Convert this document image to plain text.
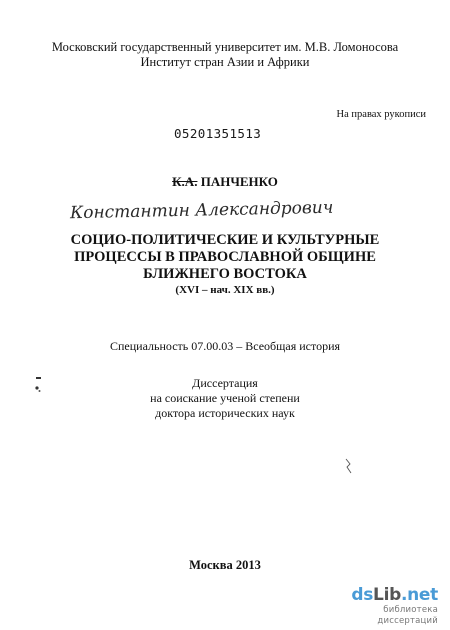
Московский государственный университет им. М.В. Ломоносова
Институт стран Азии и Африки
На правах рукописи
05201351513
К.А. ПАНЧЕНКО
Константин Александрович
СОЦИО-ПОЛИТИЧЕСКИЕ И КУЛЬТУРНЫЕ
ПРОЦЕССЫ В ПРАВОСЛАВНОЙ ОБЩИНЕ
БЛИЖНЕГО ВОСТОКА
(XVI – нач. XIX вв.)
Специальность 07.00.03 – Всеобщая история
Диссертация
на соискание ученой степени
доктора исторических наук
Москва 2013
dsLib.net
библиотека диссертаций
